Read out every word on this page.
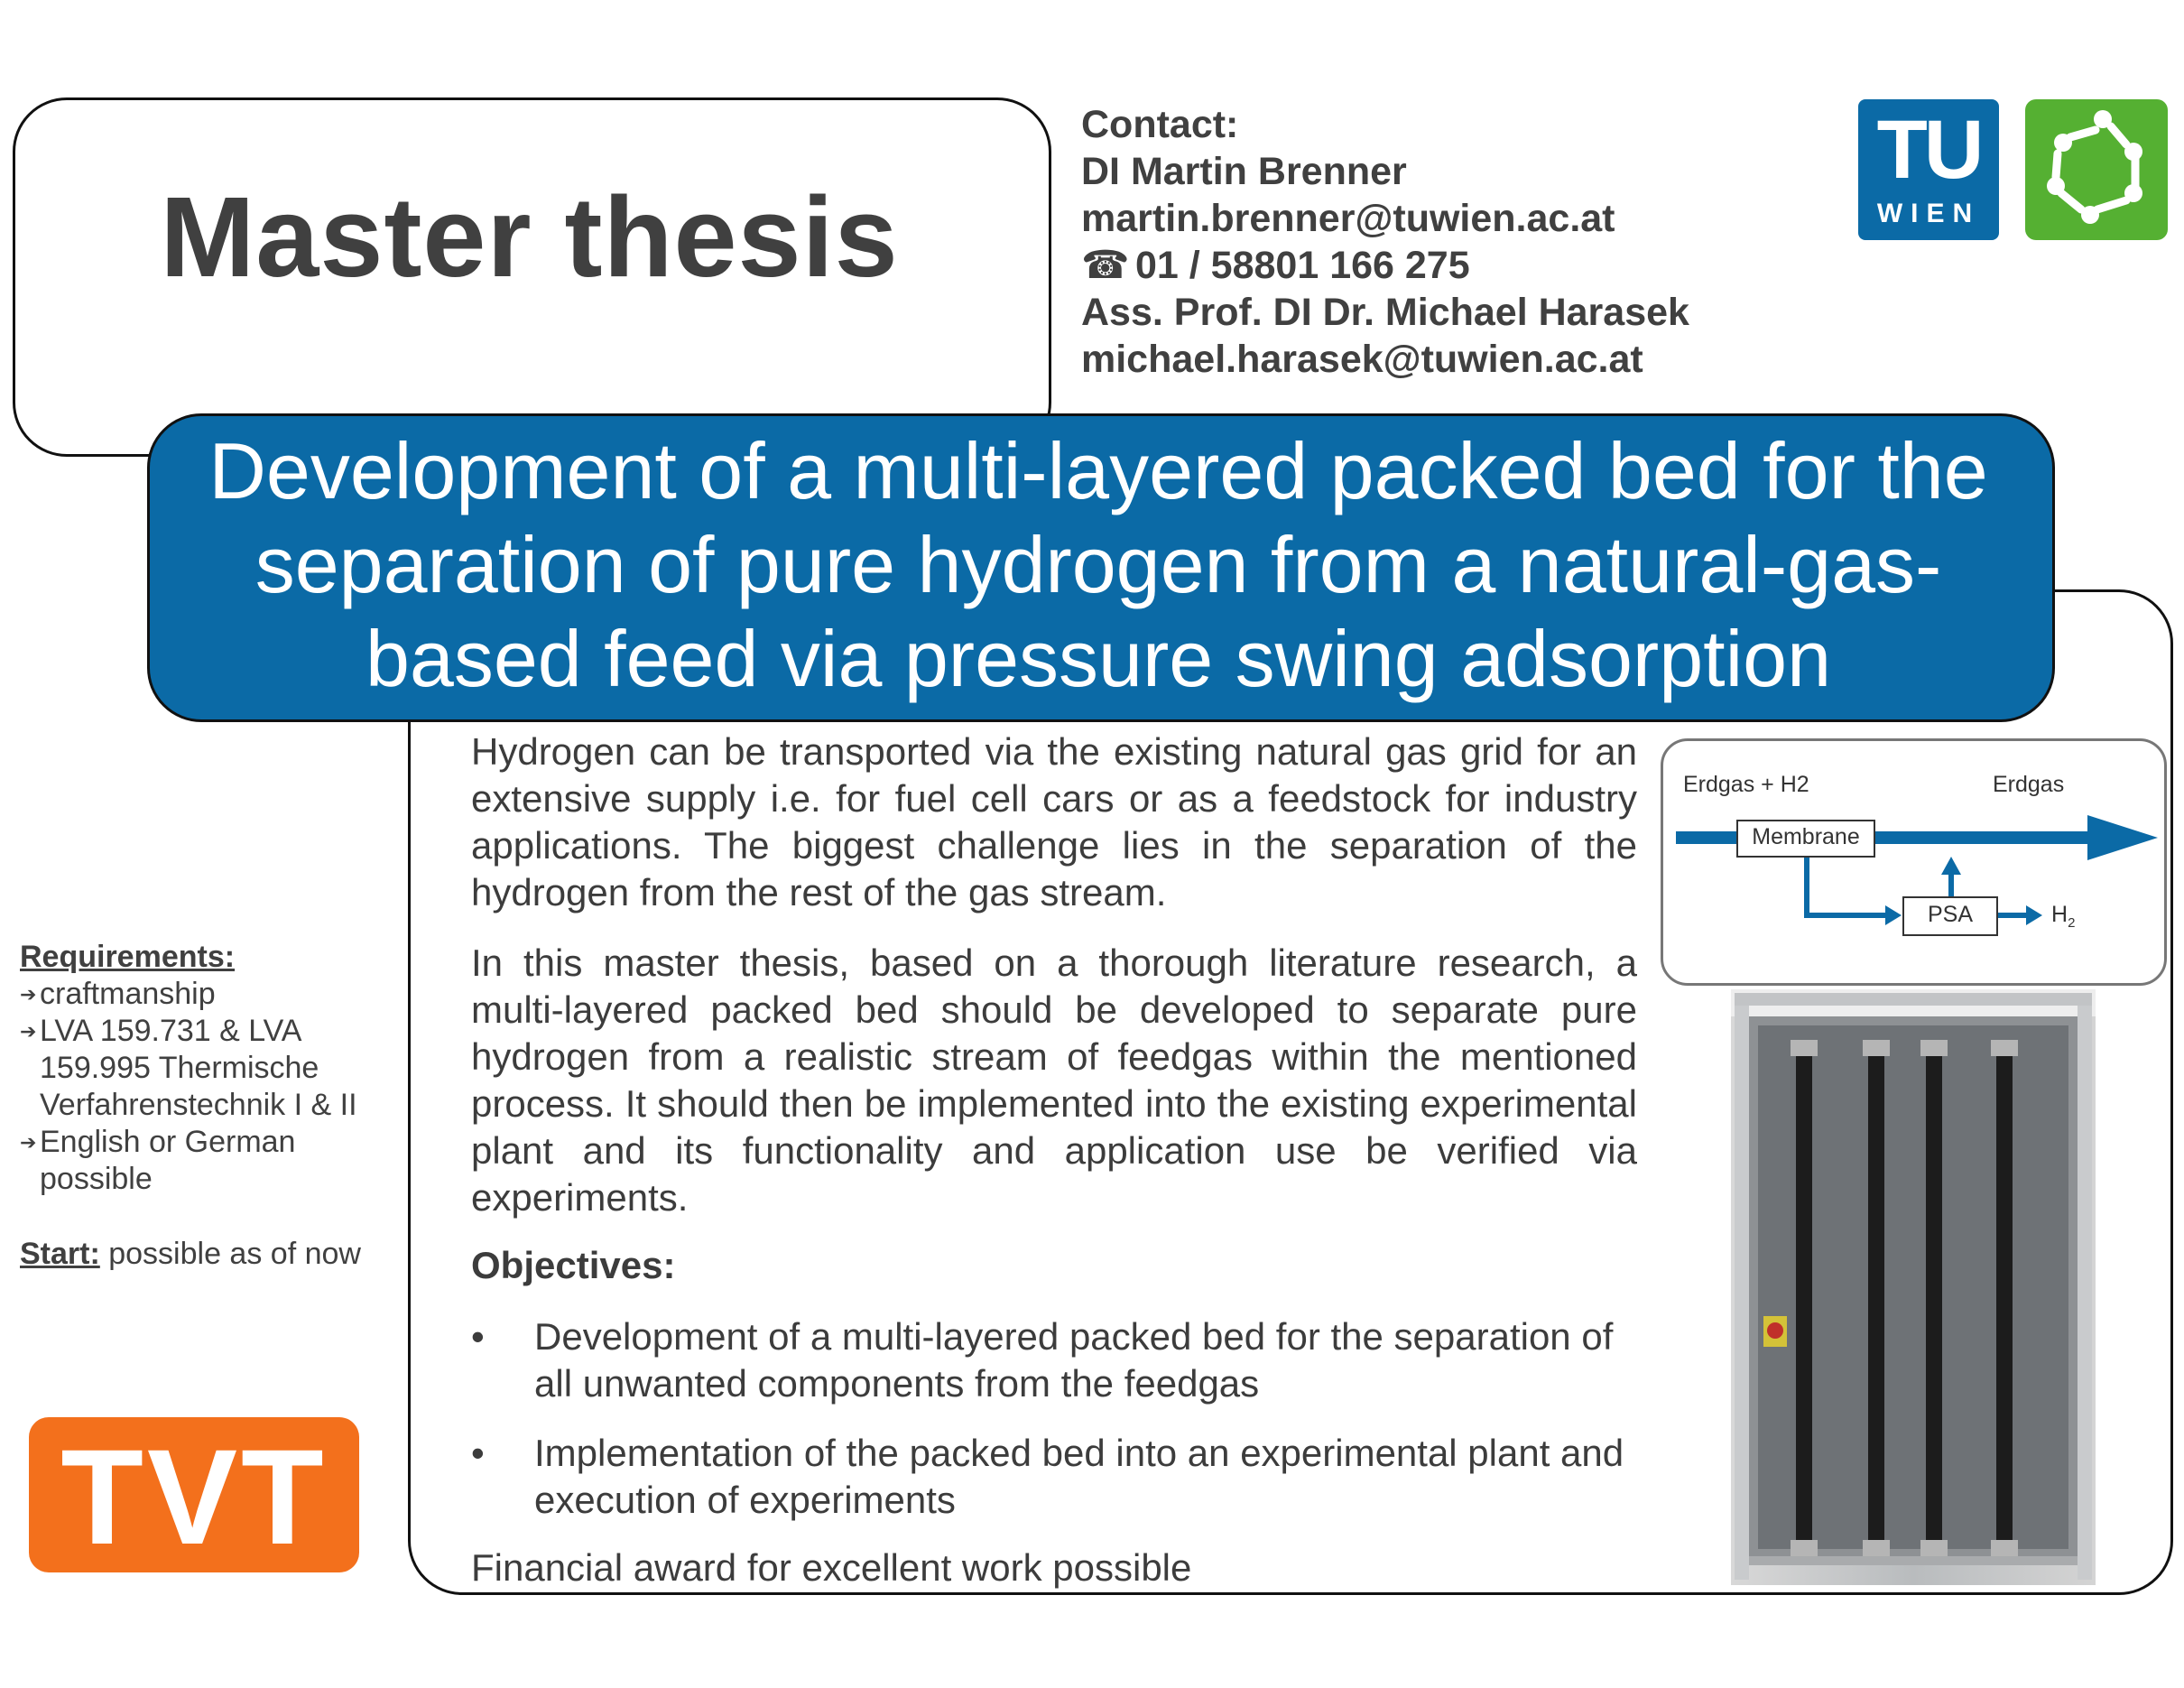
Master thesis
Contact:
DI Martin Brenner
martin.brenner@tuwien.ac.at
☎ 01 / 58801 166 275
Ass. Prof. DI Dr. Michael Harasek
michael.harasek@tuwien.ac.at
TU
WIEN
Development of a multi-layered packed bed for the
separation of pure hydrogen from a natural-gas-
based feed via pressure swing adsorption
Hydrogen can be transported via the existing natural gas grid for an extensive supply i.e. for fuel cell cars or as a feedstock for industry applications. The biggest challenge lies in the separation of the hydrogen from the rest of the gas stream.
In this master thesis, based on a thorough literature research, a multi-layered packed bed should be developed to separate pure hydrogen from a realistic stream of feedgas within the mentioned process. It should then be implemented into the existing experimental plant and its functionality and application use be verified via experiments.
Objectives:
• Development of a multi-layered packed bed for the separation of all unwanted components from the feedgas
• Implementation of the packed bed into an experimental plant and execution of experiments
Financial award for excellent work possible
Requirements:
➔ craftmanship
➔ LVA 159.731 & LVA 159.995 Thermische Verfahrenstechnik I & II
➔ English or German possible
Start: possible as of now
TVT
Erdgas + H2	Erdgas
Membrane
PSA	$H_2$
